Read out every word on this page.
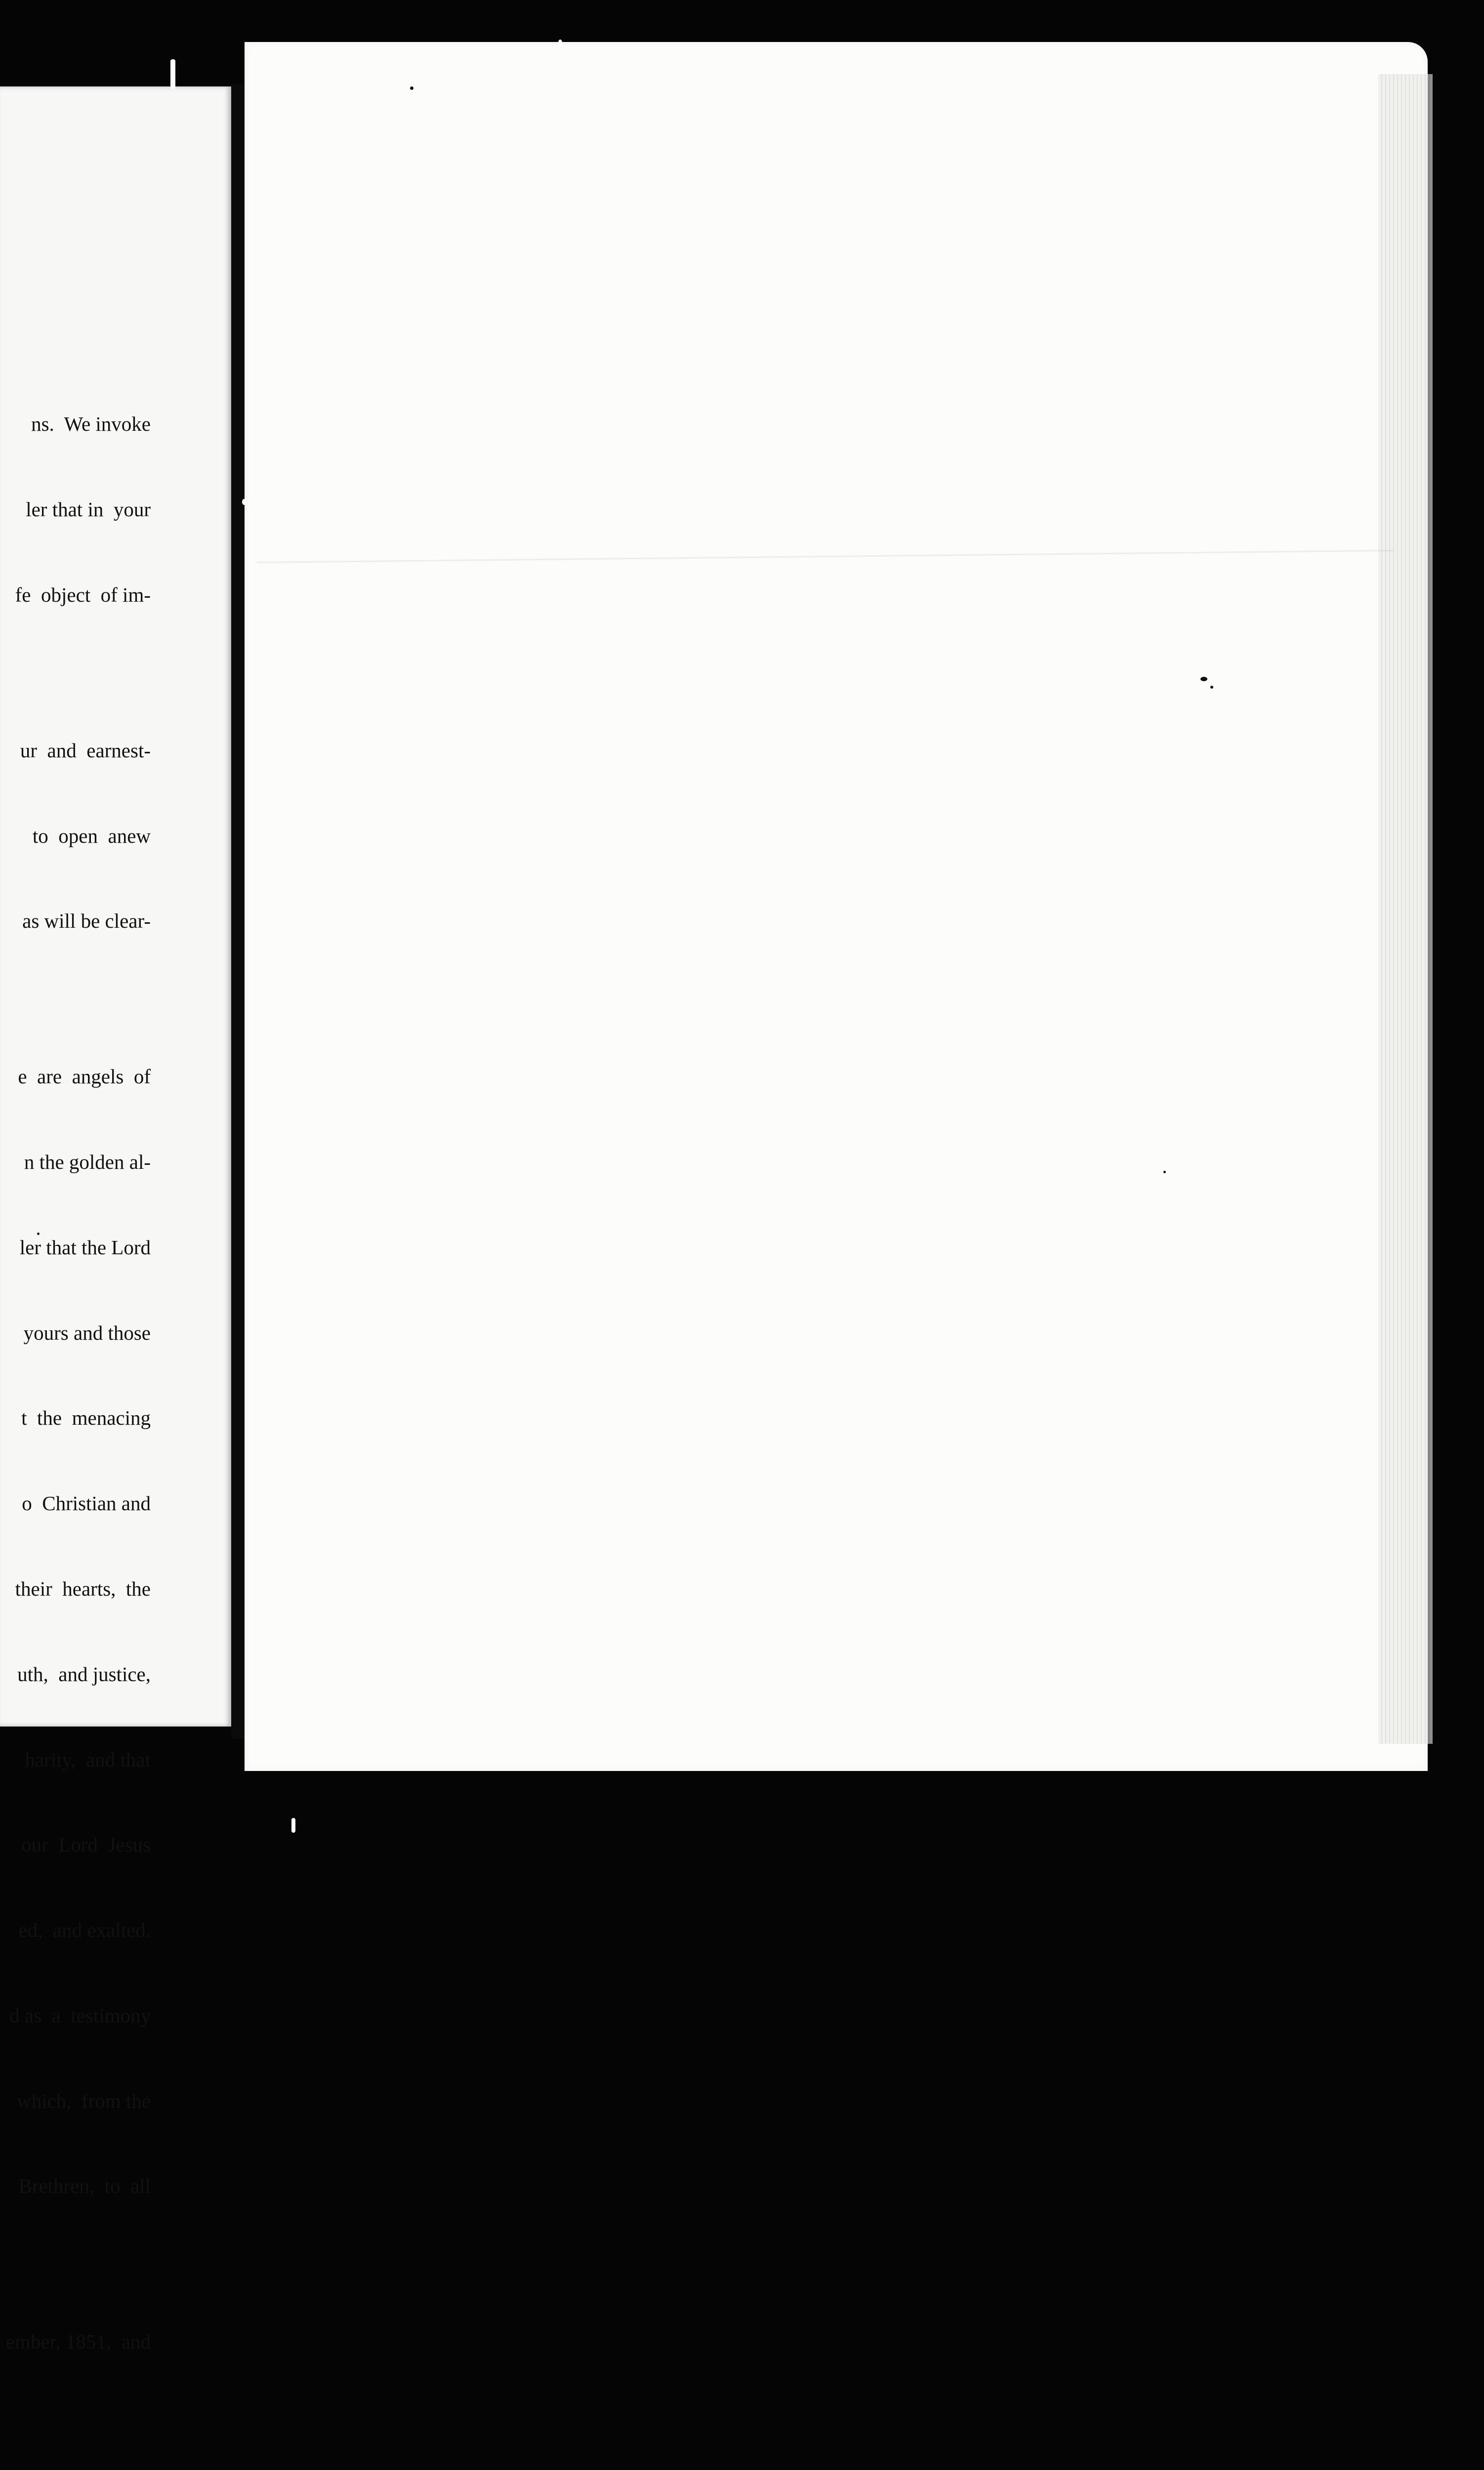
ns.  We invoke

ler that in  your

fe  object  of im-

ur  and  earnest-

to  open  anew

as will be clear-

e  are  angels  of

n the golden al-

ler that the Lord

yours and those

t  the  menacing

o  Christian and

their  hearts,  the

uth,  and justice,

harity,  and that

our  Lord  Jesus

ed,  and exalted.

d as  a  testimony

which,  from the

Brethren,  to  all

ember, 1851,  and
